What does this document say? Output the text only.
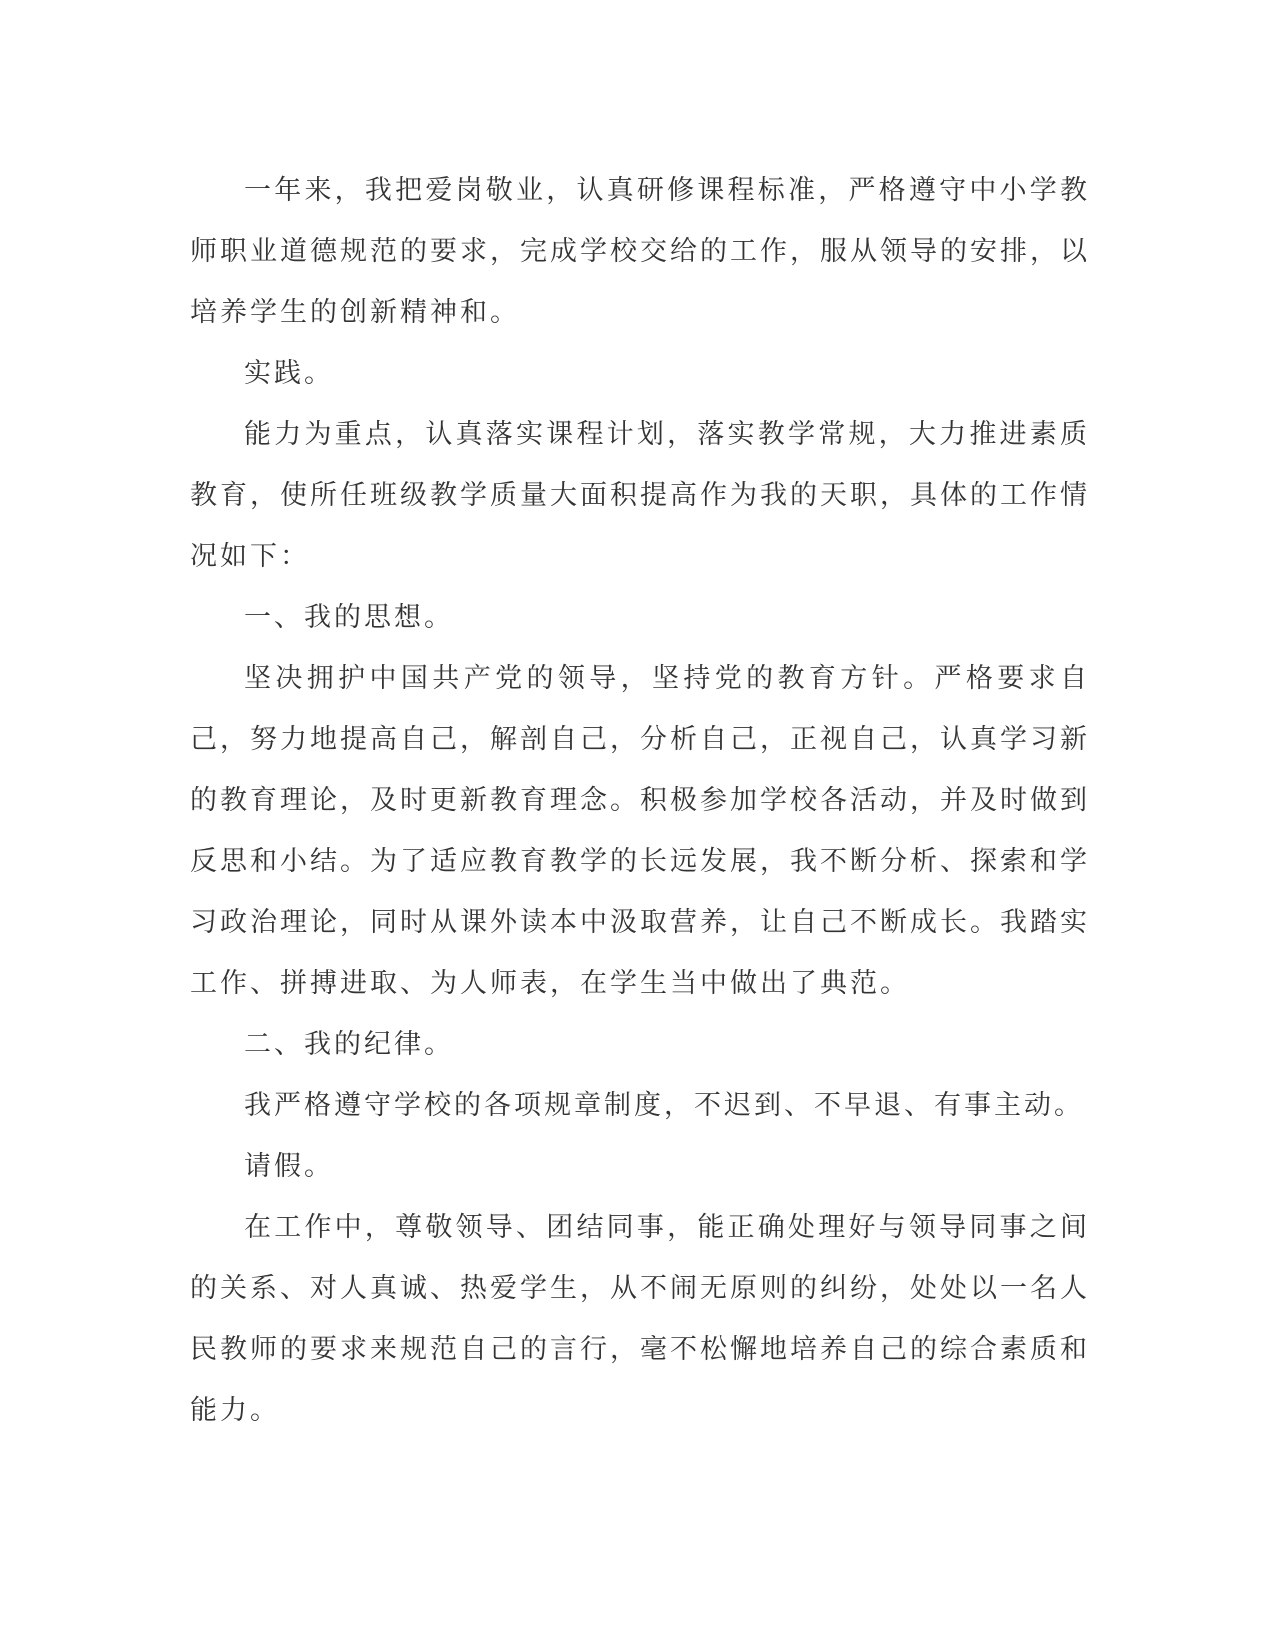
一年来，我把爱岗敬业，认真研修课程标准，严格遵守中小学教师职业道德规范的要求，完成学校交给的工作，服从领导的安排，以培养学生的创新精神和。

实践。

能力为重点，认真落实课程计划，落实教学常规，大力推进素质教育，使所任班级教学质量大面积提高作为我的天职，具体的工作情况如下：

一、我的思想。

坚决拥护中国共产党的领导，坚持党的教育方针。严格要求自己，努力地提高自己，解剖自己，分析自己，正视自己，认真学习新的教育理论，及时更新教育理念。积极参加学校各活动，并及时做到反思和小结。为了适应教育教学的长远发展，我不断分析、探索和学习政治理论，同时从课外读本中汲取营养，让自己不断成长。我踏实工作、拼搏进取、为人师表，在学生当中做出了典范。

二、我的纪律。

我严格遵守学校的各项规章制度，不迟到、不早退、有事主动。

请假。

在工作中，尊敬领导、团结同事，能正确处理好与领导同事之间的关系、对人真诚、热爱学生，从不闹无原则的纠纷，处处以一名人民教师的要求来规范自己的言行，毫不松懈地培养自己的综合素质和能力。
